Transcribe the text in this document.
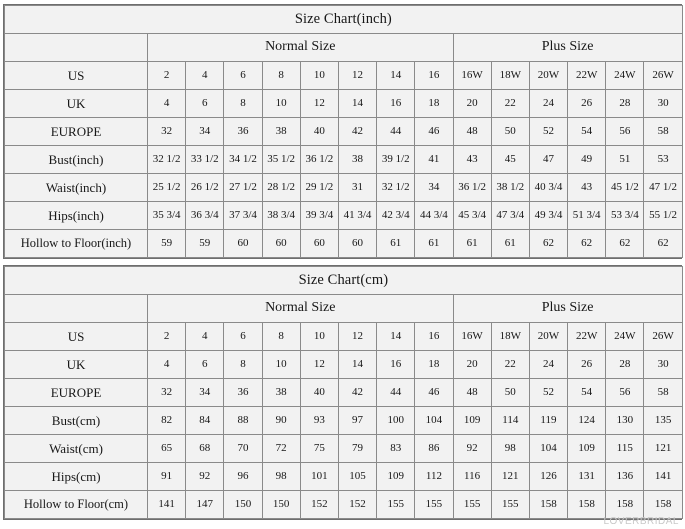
Size Chart(inch)														
	Normal Size								Plus Size					
US	2	4	6	8	10	12	14	16	16W	18W	20W	22W	24W	26W
UK	4	6	8	10	12	14	16	18	20	22	24	26	28	30
EUROPE	32	34	36	38	40	42	44	46	48	50	52	54	56	58
Bust(inch)	32 1/2	33 1/2	34 1/2	35 1/2	36 1/2	38	39 1/2	41	43	45	47	49	51	53
Waist(inch)	25 1/2	26 1/2	27 1/2	28 1/2	29 1/2	31	32 1/2	34	36 1/2	38 1/2	40 3/4	43	45 1/2	47 1/2
Hips(inch)	35 3/4	36 3/4	37 3/4	38 3/4	39 3/4	41 3/4	42 3/4	44 3/4	45 3/4	47 3/4	49 3/4	51 3/4	53 3/4	55 1/2
Hollow to Floor(inch)	59	59	60	60	60	60	61	61	61	61	62	62	62	62
Size Chart(cm)														
	Normal Size								Plus Size					
US	2	4	6	8	10	12	14	16	16W	18W	20W	22W	24W	26W
UK	4	6	8	10	12	14	16	18	20	22	24	26	28	30
EUROPE	32	34	36	38	40	42	44	46	48	50	52	54	56	58
Bust(cm)	82	84	88	90	93	97	100	104	109	114	119	124	130	135
Waist(cm)	65	68	70	72	75	79	83	86	92	98	104	109	115	121
Hips(cm)	91	92	96	98	101	105	109	112	116	121	126	131	136	141
Hollow to Floor(cm)	141	147	150	150	152	152	155	155	155	155	158	158	158	158
LOVERBRIDAL
